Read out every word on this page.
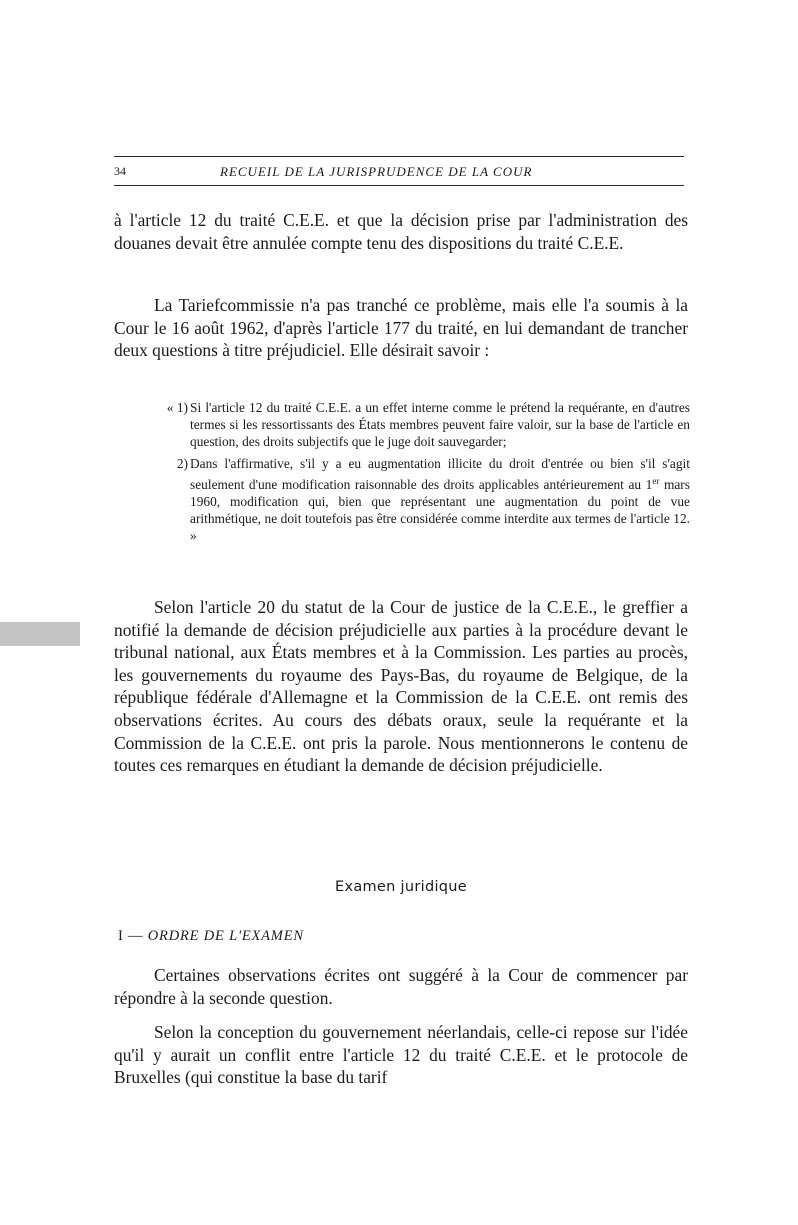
34	RECUEIL DE LA JURISPRUDENCE DE LA COUR

à l'article 12 du traité C.E.E. et que la décision prise par l'administration des douanes devait être annulée compte tenu des dispositions du traité C.E.E.

La Tariefcommissie n'a pas tranché ce problème, mais elle l'a soumis à la Cour le 16 août 1962, d'après l'article 177 du traité, en lui demandant de trancher deux questions à titre préjudiciel. Elle désirait savoir :

« 1) Si l'article 12 du traité C.E.E. a un effet interne comme le prétend la requérante, en d'autres termes si les ressortissants des États membres peuvent faire valoir, sur la base de l'article en question, des droits subjectifs que le juge doit sauvegarder;

2) Dans l'affirmative, s'il y a eu augmentation illicite du droit d'entrée ou bien s'il s'agit seulement d'une modification raisonnable des droits applicables antérieurement au 1er mars 1960, modification qui, bien que représentant une augmentation du point de vue arithmétique, ne doit toutefois pas être considérée comme interdite aux termes de l'article 12. »

Selon l'article 20 du statut de la Cour de justice de la C.E.E., le greffier a notifié la demande de décision préjudicielle aux parties à la procédure devant le tribunal national, aux États membres et à la Commission. Les parties au procès, les gouvernements du royaume des Pays-Bas, du royaume de Belgique, de la république fédérale d'Allemagne et la Commission de la C.E.E. ont remis des observations écrites. Au cours des débats oraux, seule la requérante et la Commission de la C.E.E. ont pris la parole. Nous mentionnerons le contenu de toutes ces remarques en étudiant la demande de décision préjudicielle.

Examen juridique
I — ORDRE DE L'EXAMEN

Certaines observations écrites ont suggéré à la Cour de commencer par répondre à la seconde question.

Selon la conception du gouvernement néerlandais, celle-ci repose sur l'idée qu'il y aurait un conflit entre l'article 12 du traité C.E.E. et le protocole de Bruxelles (qui constitue la base du tarif
